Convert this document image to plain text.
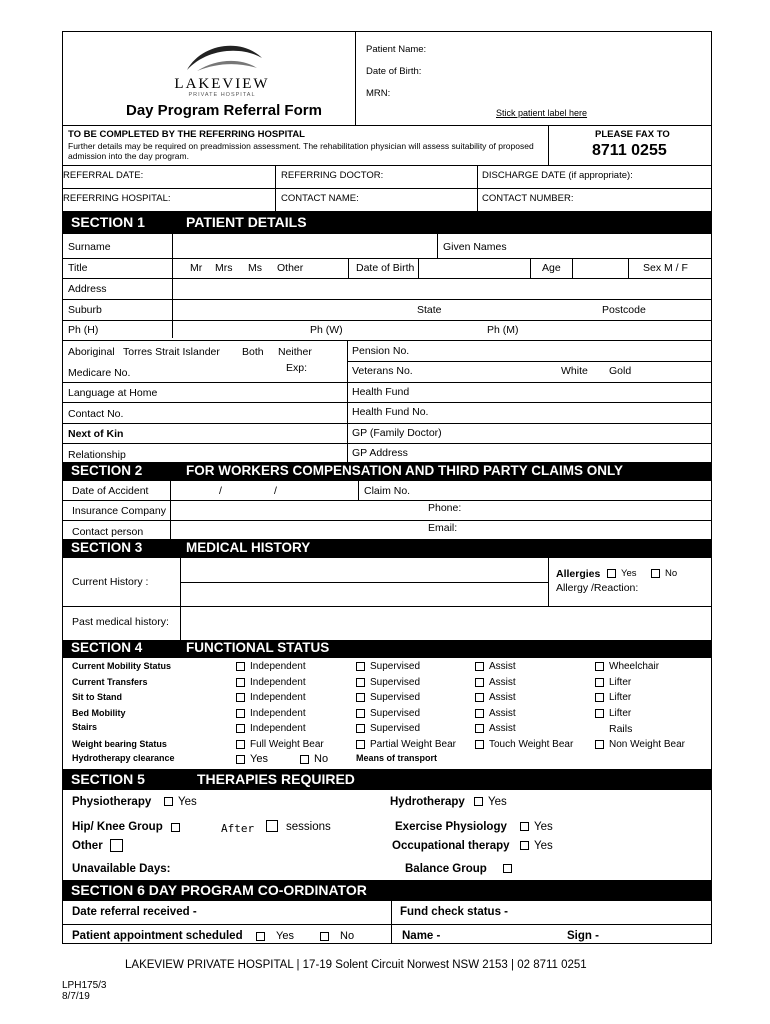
LAKEVIEW
PRIVATE HOSPITAL
Day Program Referral Form
Patient Name:
Date of Birth:
MRN:
Stick patient label here
TO BE COMPLETED BY THE REFERRING HOSPITAL
Further details may be required on preadmission assessment. The rehabilitation physician will assess suitability of proposed admission into the day program.
PLEASE FAX TO
8711 0255
REFERRAL DATE:	REFERRING DOCTOR:	DISCHARGE DATE (if appropriate):
REFERRING HOSPITAL:	CONTACT NAME:	CONTACT NUMBER:
SECTION 1	PATIENT DETAILS
Surname	Given Names
Title	Mr Mrs Ms Other	Date of Birth	Age	Sex M / F
Address
Suburb	State	Postcode
Ph (H)	Ph (W)	Ph (M)
Aboriginal Torres Strait Islander Both Neither	Pension No.
Exp:
Medicare No.	Veterans No.	White Gold
Language at Home	Health Fund
Contact No.	Health Fund No.
Next of Kin	GP (Family Doctor)
Relationship	GP Address
SECTION 2	FOR WORKERS COMPENSATION AND THIRD PARTY CLAIMS ONLY
Date of Accident	/	/	Claim No.
Insurance Company	Phone:
Contact person	Email:
SECTION 3	MEDICAL HISTORY
Current History :
Allergies	Yes	No
Allergy /Reaction:
Past medical history:
SECTION 4	FUNCTIONAL STATUS
Current Mobility Status	Independent	Supervised	Assist	Wheelchair
Current Transfers	Independent	Supervised	Assist	Lifter
Sit to Stand	Independent	Supervised	Assist	Lifter
Bed Mobility	Independent	Supervised	Assist	Lifter
Stairs	Independent	Supervised	Assist	Rails
Weight bearing Status	Full Weight Bear	Partial Weight Bear	Touch Weight Bear	Non Weight Bear
Hydrotherapy clearance	Yes	No	Means of transport
SECTION 5	THERAPIES REQUIRED
Physiotherapy	Yes	Hydrotherapy	Yes
Hip/ Knee Group	After	sessions	Exercise Physiology	Yes
Other	Occupational therapy	Yes
Unavailable Days:	Balance Group
SECTION 6 DAY PROGRAM CO-ORDINATOR
Date referral received -	Fund check status -
Patient appointment scheduled	Yes	No	Name -	Sign -
LAKEVIEW PRIVATE HOSPITAL | 17-19 Solent Circuit Norwest NSW 2153 | 02 8711 0251
LPH175/3
8/7/19
